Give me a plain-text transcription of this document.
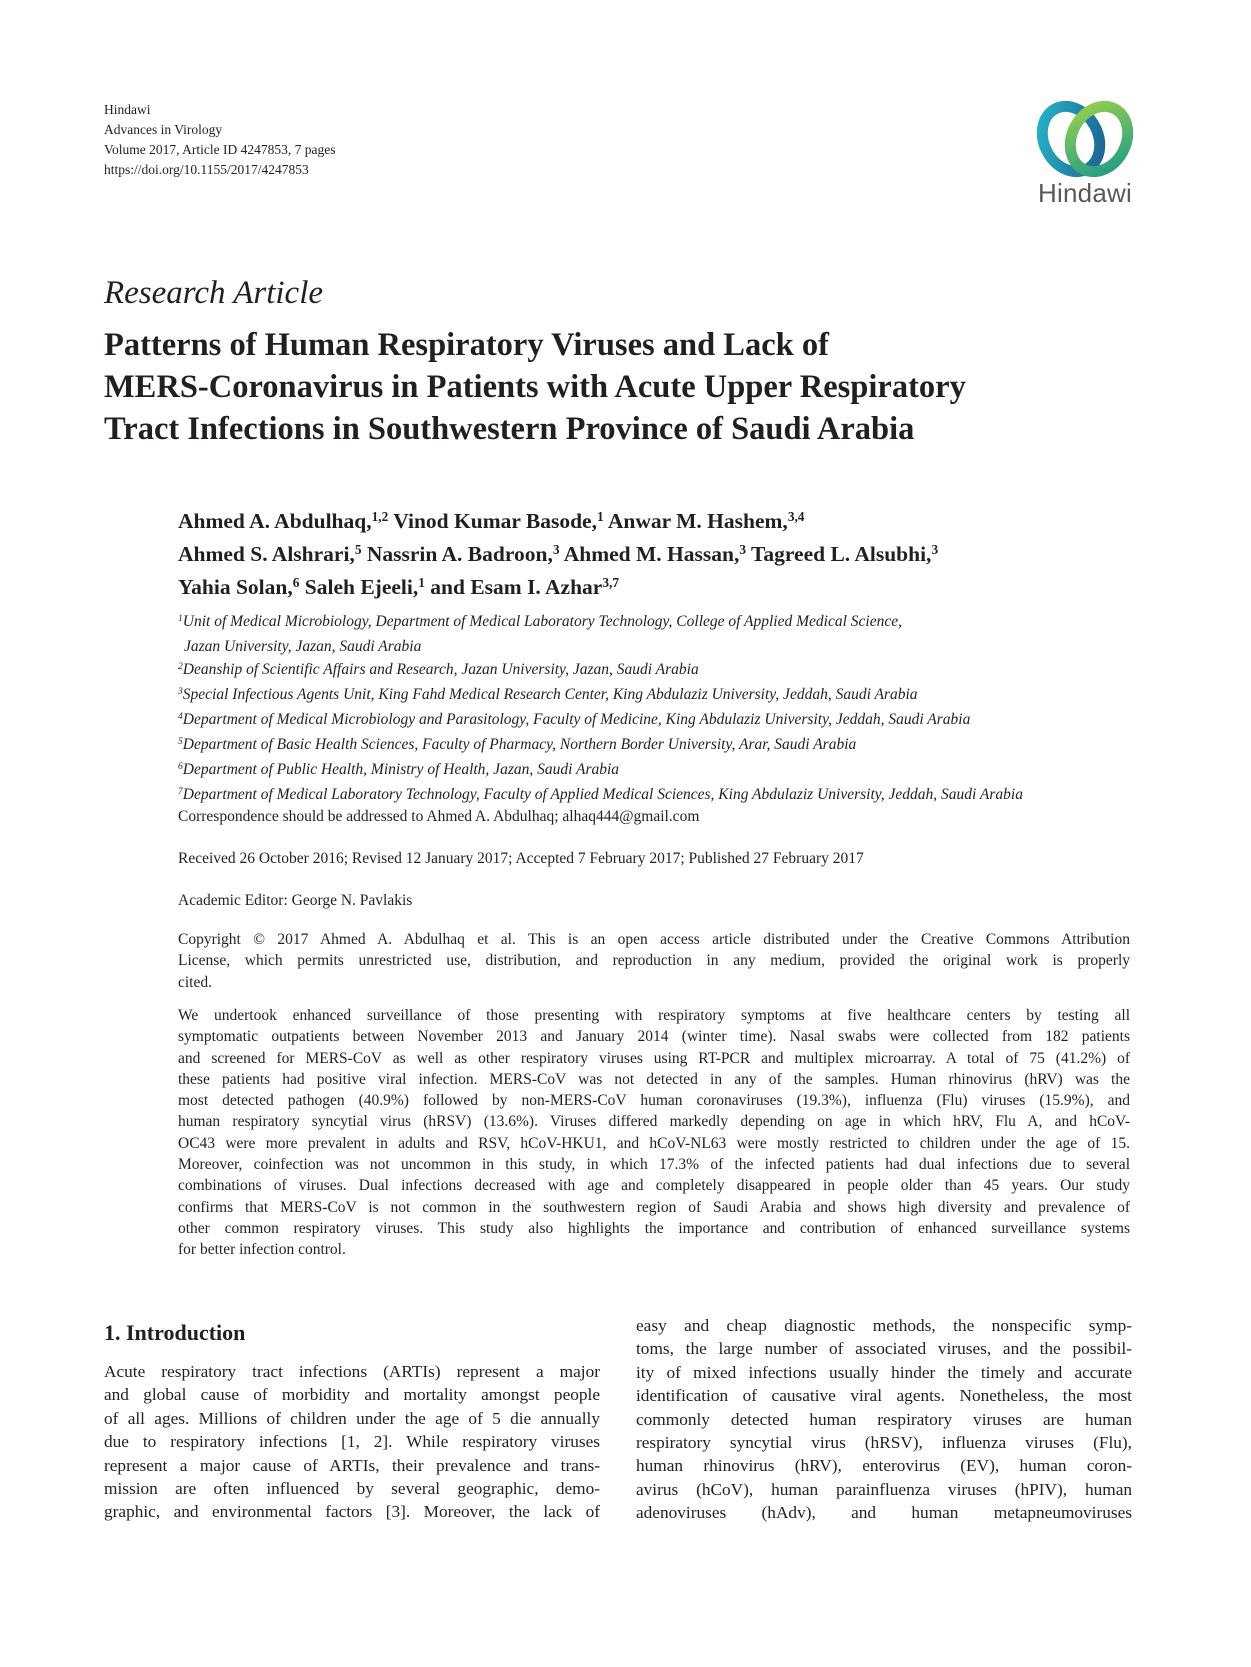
Hindawi
Advances in Virology
Volume 2017, Article ID 4247853, 7 pages
https://doi.org/10.1155/2017/4247853
Hindawi
Research Article
Patterns of Human Respiratory Viruses and Lack of
MERS-Coronavirus in Patients with Acute Upper Respiratory
Tract Infections in Southwestern Province of Saudi Arabia
Ahmed A. Abdulhaq,$^{1,2}$ Vinod Kumar Basode,$^1$ Anwar M. Hashem,$^{3,4}$
Ahmed S. Alshrari,$^5$ Nassrin A. Badroon,$^3$ Ahmed M. Hassan,$^3$ Tagreed L. Alsubhi,$^3$
Yahia Solan,$^6$ Saleh Ejeeli,$^1$ and Esam I. Azhar$^{3,7}$
$^1$Unit of Medical Microbiology, Department of Medical Laboratory Technology, College of Applied Medical Science,
Jazan University, Jazan, Saudi Arabia
$^2$Deanship of Scientific Affairs and Research, Jazan University, Jazan, Saudi Arabia
$^3$Special Infectious Agents Unit, King Fahd Medical Research Center, King Abdulaziz University, Jeddah, Saudi Arabia
$^4$Department of Medical Microbiology and Parasitology, Faculty of Medicine, King Abdulaziz University, Jeddah, Saudi Arabia
$^5$Department of Basic Health Sciences, Faculty of Pharmacy, Northern Border University, Arar, Saudi Arabia
$^6$Department of Public Health, Ministry of Health, Jazan, Saudi Arabia
$^7$Department of Medical Laboratory Technology, Faculty of Applied Medical Sciences, King Abdulaziz University, Jeddah, Saudi Arabia
Correspondence should be addressed to Ahmed A. Abdulhaq; alhaq444@gmail.com
Received 26 October 2016; Revised 12 January 2017; Accepted 7 February 2017; Published 27 February 2017
Academic Editor: George N. Pavlakis
Copyright © 2017 Ahmed A. Abdulhaq et al. This is an open access article distributed under the Creative Commons Attribution
License, which permits unrestricted use, distribution, and reproduction in any medium, provided the original work is properly
cited.
We undertook enhanced surveillance of those presenting with respiratory symptoms at five healthcare centers by testing all
symptomatic outpatients between November 2013 and January 2014 (winter time). Nasal swabs were collected from 182 patients
and screened for MERS-CoV as well as other respiratory viruses using RT-PCR and multiplex microarray. A total of 75 (41.2%) of
these patients had positive viral infection. MERS-CoV was not detected in any of the samples. Human rhinovirus (hRV) was the
most detected pathogen (40.9%) followed by non-MERS-CoV human coronaviruses (19.3%), influenza (Flu) viruses (15.9%), and
human respiratory syncytial virus (hRSV) (13.6%). Viruses differed markedly depending on age in which hRV, Flu A, and hCoV-
OC43 were more prevalent in adults and RSV, hCoV-HKU1, and hCoV-NL63 were mostly restricted to children under the age of 15.
Moreover, coinfection was not uncommon in this study, in which 17.3% of the infected patients had dual infections due to several
combinations of viruses. Dual infections decreased with age and completely disappeared in people older than 45 years. Our study
confirms that MERS-CoV is not common in the southwestern region of Saudi Arabia and shows high diversity and prevalence of
other common respiratory viruses. This study also highlights the importance and contribution of enhanced surveillance systems
for better infection control.
1. Introduction
Acute respiratory tract infections (ARTIs) represent a major
and global cause of morbidity and mortality amongst people
of all ages. Millions of children under the age of 5 die annually
due to respiratory infections [1, 2]. While respiratory viruses
represent a major cause of ARTIs, their prevalence and trans-
mission are often influenced by several geographic, demo-
graphic, and environmental factors [3]. Moreover, the lack of
easy and cheap diagnostic methods, the nonspecific symp-
toms, the large number of associated viruses, and the possibil-
ity of mixed infections usually hinder the timely and accurate
identification of causative viral agents. Nonetheless, the most
commonly detected human respiratory viruses are human
respiratory syncytial virus (hRSV), influenza viruses (Flu),
human rhinovirus (hRV), enterovirus (EV), human coron-
avirus (hCoV), human parainfluenza viruses (hPIV), human
adenoviruses (hAdv), and human metapneumoviruses
